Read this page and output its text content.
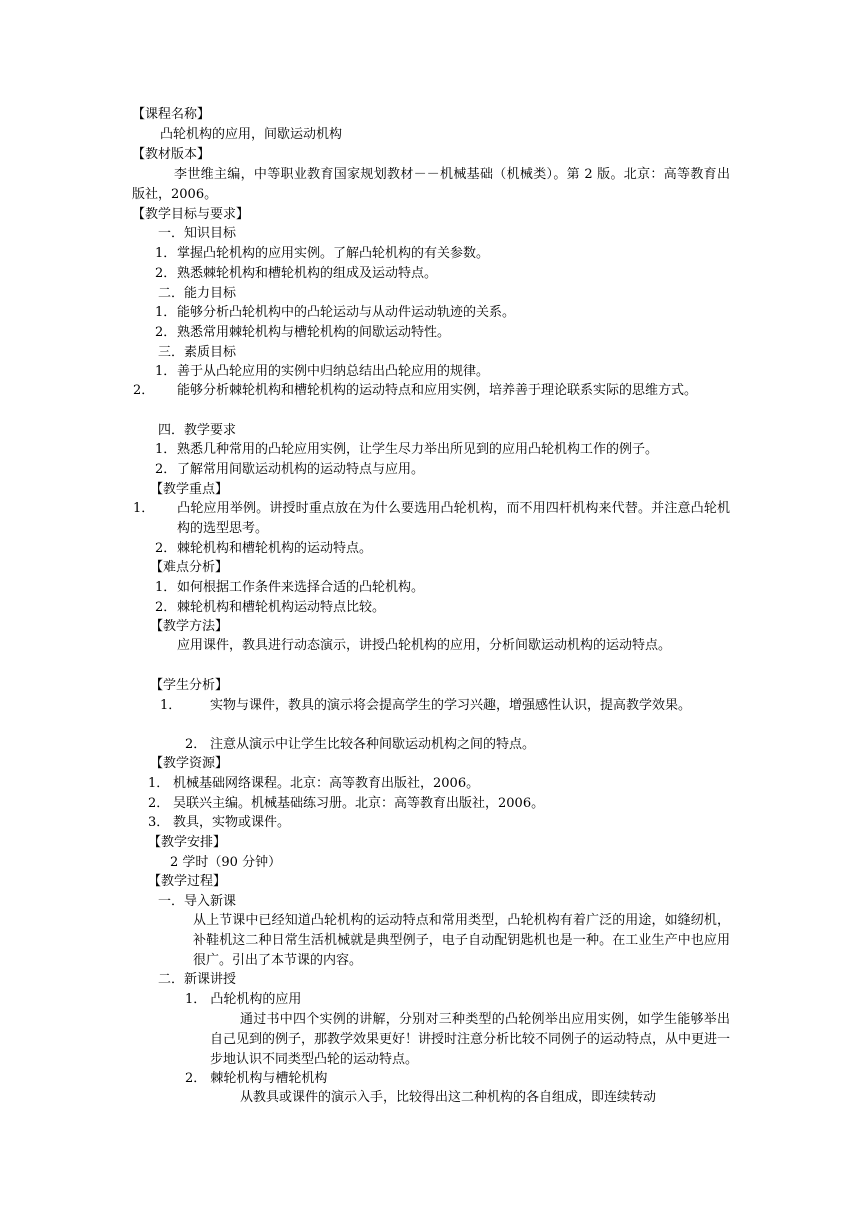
【课程名称】
凸轮机构的应用，间歇运动机构
【教材版本】
李世维主编，中等职业教育国家规划教材－－机械基础（机械类）。第 2 版。北京：高等教育出版社，2006。
【教学目标与要求】
一．知识目标
1．掌握凸轮机构的应用实例。了解凸轮机构的有关参数。
2．熟悉棘轮机构和槽轮机构的组成及运动特点。
二．能力目标
1．能够分析凸轮机构中的凸轮运动与从动件运动轨迹的关系。
2．熟悉常用棘轮机构与槽轮机构的间歇运动特性。
三．素质目标
1．善于从凸轮应用的实例中归纳总结出凸轮应用的规律。
2． 能够分析棘轮机构和槽轮机构的运动特点和应用实例，培养善于理论联系实际的思维方式。
四．教学要求
1．熟悉几种常用的凸轮应用实例，让学生尽力举出所见到的应用凸轮机构工作的例子。
2．了解常用间歇运动机构的运动特点与应用。
【教学重点】
1． 凸轮应用举例。讲授时重点放在为什么要选用凸轮机构，而不用四杆机构来代替。并注意凸轮机构的选型思考。
2．棘轮机构和槽轮机构的运动特点。
【难点分析】
1．如何根据工作条件来选择合适的凸轮机构。
2．棘轮机构和槽轮机构运动特点比较。
【教学方法】
应用课件，教具进行动态演示，讲授凸轮机构的应用，分析间歇运动机构的运动特点。
【学生分析】
1． 实物与课件，教具的演示将会提高学生的学习兴趣，增强感性认识，提高教学效果。
2． 注意从演示中让学生比较各种间歇运动机构之间的特点。
【教学资源】
1． 机械基础网络课程。北京：高等教育出版社，2006。
2． 吴联兴主编。机械基础练习册。北京：高等教育出版社，2006。
3． 教具，实物或课件。
【教学安排】
2 学时（90 分钟）
【教学过程】
一．导入新课
从上节课中已经知道凸轮机构的运动特点和常用类型，凸轮机构有着广泛的用途，如缝纫机，补鞋机这二种日常生活机械就是典型例子，电子自动配钥匙机也是一种。在工业生产中也应用很广。引出了本节课的内容。
二．新课讲授
1． 凸轮机构的应用
通过书中四个实例的讲解，分别对三种类型的凸轮例举出应用实例，如学生能够举出自己见到的例子，那教学效果更好！讲授时注意分析比较不同例子的运动特点，从中更进一步地认识不同类型凸轮的运动特点。
2． 棘轮机构与槽轮机构
从教具或课件的演示入手，比较得出这二种机构的各自组成，即连续转动
